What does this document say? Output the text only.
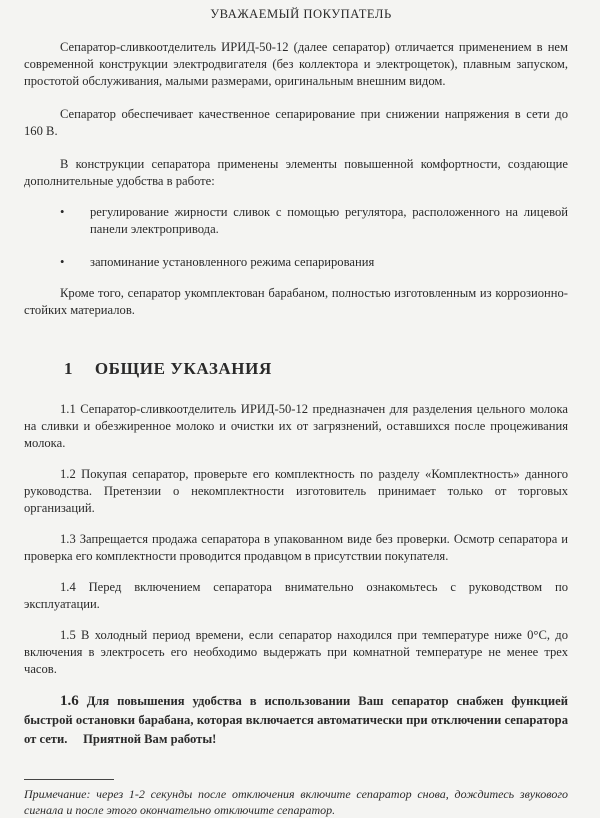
УВАЖАЕМЫЙ ПОКУПАТЕЛЬ

Сепаратор-сливкоотделитель ИРИД-50-12 (далее сепаратор) отличается применением в нем современной конструкции электродвигателя (без коллектора и электрощеток), плавным запуском, простотой обслуживания, малыми размерами, оригинальным внешним видом.

Сепаратор обеспечивает качественное сепарирование при снижении напряжения в сети до 160 В.

В конструкции сепаратора применены элементы повышенной комфортности, создающие дополнительные удобства в работе:

• регулирование жирности сливок с помощью регулятора, расположенного на лицевой панели электропривода.
• запоминание установленного режима сепарирования

Кроме того, сепаратор укомплектован барабаном, полностью изготовленным из коррозионно-стойких материалов.

1 ОБЩИЕ УКАЗАНИЯ

1.1 Сепаратор-сливкоотделитель ИРИД-50-12 предназначен для разделения цельного молока на сливки и обезжиренное молоко и очистки их от загрязнений, оставшихся после процеживания молока.

1.2 Покупая сепаратор, проверьте его комплектность по разделу «Комплектность» данного руководства. Претензии о некомплектности изготовитель принимает только от торговых организаций.

1.3 Запрещается продажа сепаратора в упакованном виде без проверки. Осмотр сепаратора и проверка его комплектности проводится продавцом в присутствии покупателя.

1.4 Перед включением сепаратора внимательно ознакомьтесь с руководством по эксплуатации.

1.5 В холодный период времени, если сепаратор находился при температуре ниже 0°С, до включения в электросеть его необходимо выдержать при комнатной температуре не менее трех часов.

1.6 Для повышения удобства в использовании Ваш сепаратор снабжен функцией быстрой остановки барабана, которая включается автоматически при отключении сепаратора от сети. Приятной Вам работы!

Примечание: через 1-2 секунды после отключения включите сепаратор снова, дождитесь звукового сигнала и после этого окончательно отключите сепаратор.
